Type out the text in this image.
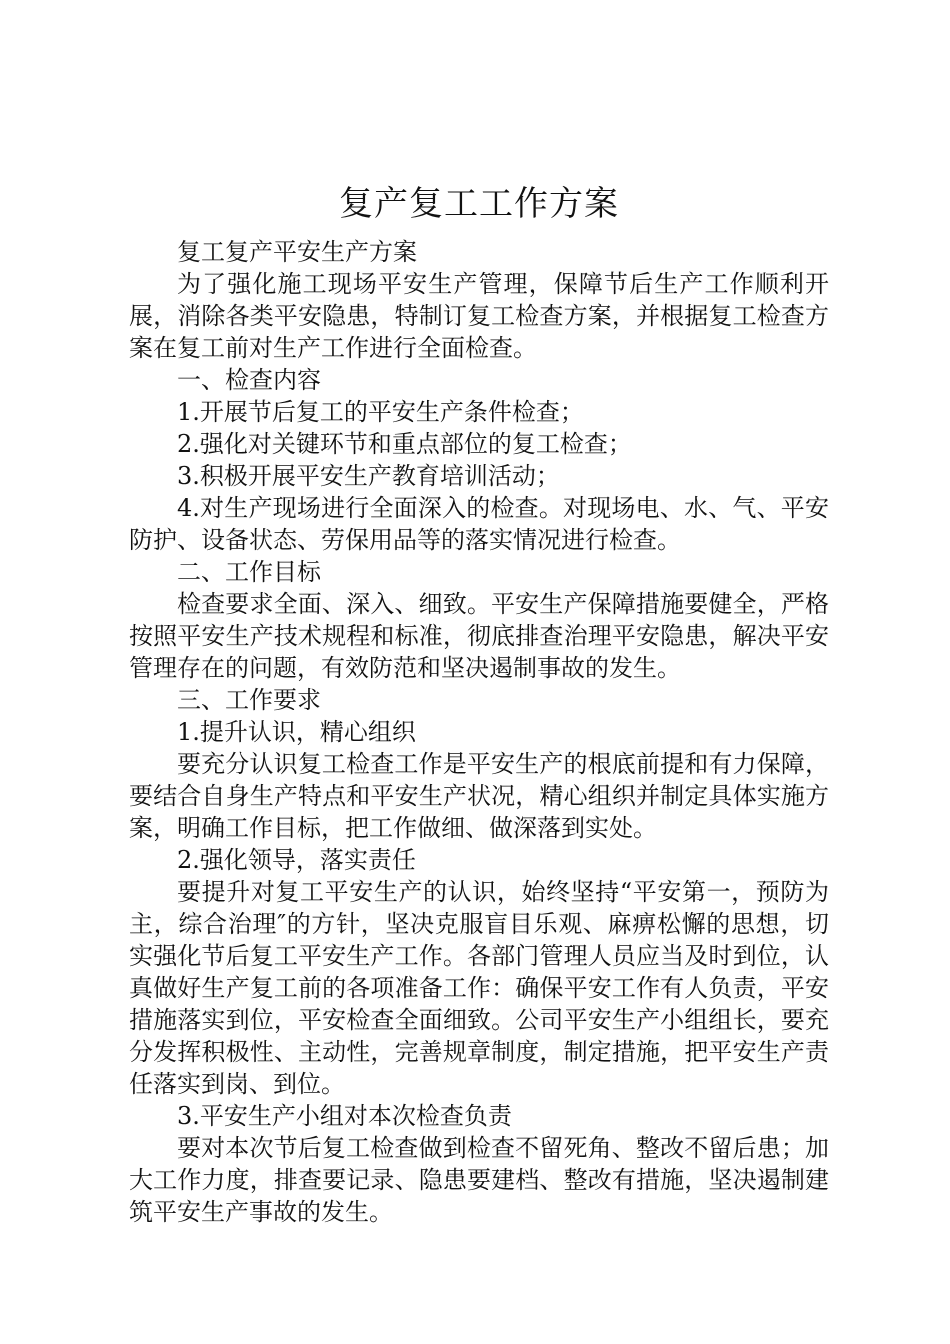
复产复工工作方案

复工复产平安生产方案

为了强化施工现场平安生产管理，保障节后生产工作顺利开展，消除各类平安隐患，特制订复工检查方案，并根据复工检查方案在复工前对生产工作进行全面检查。

一、检查内容

1.开展节后复工的平安生产条件检查；

2.强化对关键环节和重点部位的复工检查；

3.积极开展平安生产教育培训活动；

4.对生产现场进行全面深入的检查。对现场电、水、气、平安防护、设备状态、劳保用品等的落实情况进行检查。

二、工作目标

检查要求全面、深入、细致。平安生产保障措施要健全，严格按照平安生产技术规程和标准，彻底排查治理平安隐患，解决平安管理存在的问题，有效防范和坚决遏制事故的发生。

三、工作要求

1.提升认识，精心组织

要充分认识复工检查工作是平安生产的根底前提和有力保障，要结合自身生产特点和平安生产状况，精心组织并制定具体实施方案，明确工作目标，把工作做细、做深落到实处。

2.强化领导，落实责任

要提升对复工平安生产的认识，始终坚持“平安第一，预防为主，综合治理″的方针，坚决克服盲目乐观、麻痹松懈的思想，切实强化节后复工平安生产工作。各部门管理人员应当及时到位，认真做好生产复工前的各项准备工作：确保平安工作有人负责，平安措施落实到位，平安检查全面细致。公司平安生产小组组长，要充分发挥积极性、主动性，完善规章制度，制定措施，把平安生产责任落实到岗、到位。

3.平安生产小组对本次检查负责

要对本次节后复工检查做到检查不留死角、整改不留后患；加大工作力度，排查要记录、隐患要建档、整改有措施，坚决遏制建筑平安生产事故的发生。
